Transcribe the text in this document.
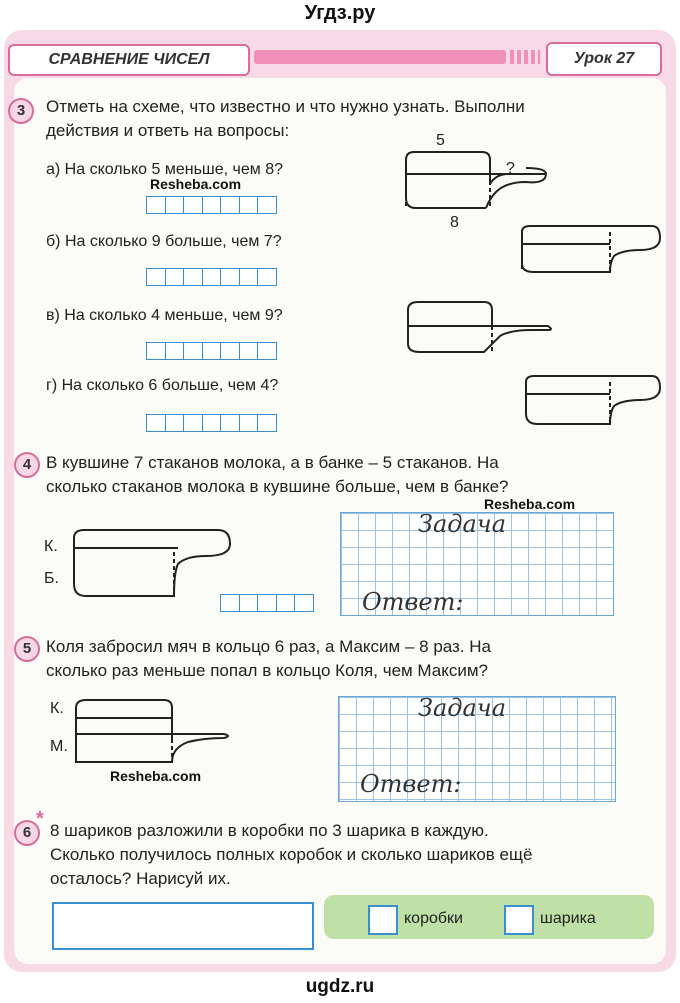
Угдз.ру
СРАВНЕНИЕ ЧИСЕЛ	Урок 27
3	Отметь на схеме, что известно и что нужно узнать. Выполни
действия и ответь на вопросы:
а) На сколько 5 меньше, чем 8?
Resheba.com
б) На сколько 9 больше, чем 7?
в) На сколько 4 меньше, чем 9?
г) На сколько 6 больше, чем 4?
5
?
8
4 В кувшине 7 стаканов молока, а в банке – 5 стаканов. На
сколько стаканов молока в кувшине больше, чем в банке?
Resheba.com
К.
Б.
Задача
Ответ:
5 Коля забросил мяч в кольцо 6 раз, а Максим – 8 раз. На
сколько раз меньше попал в кольцо Коля, чем Максим?
К.
М.
Resheba.com
Задача
Ответ:
6
*
8 шариков разложили в коробки по 3 шарика в каждую.
Сколько получилось полных коробок и сколько шариков ещё
осталось? Нарисуй их.
коробки	шарика
ugdz.ru
